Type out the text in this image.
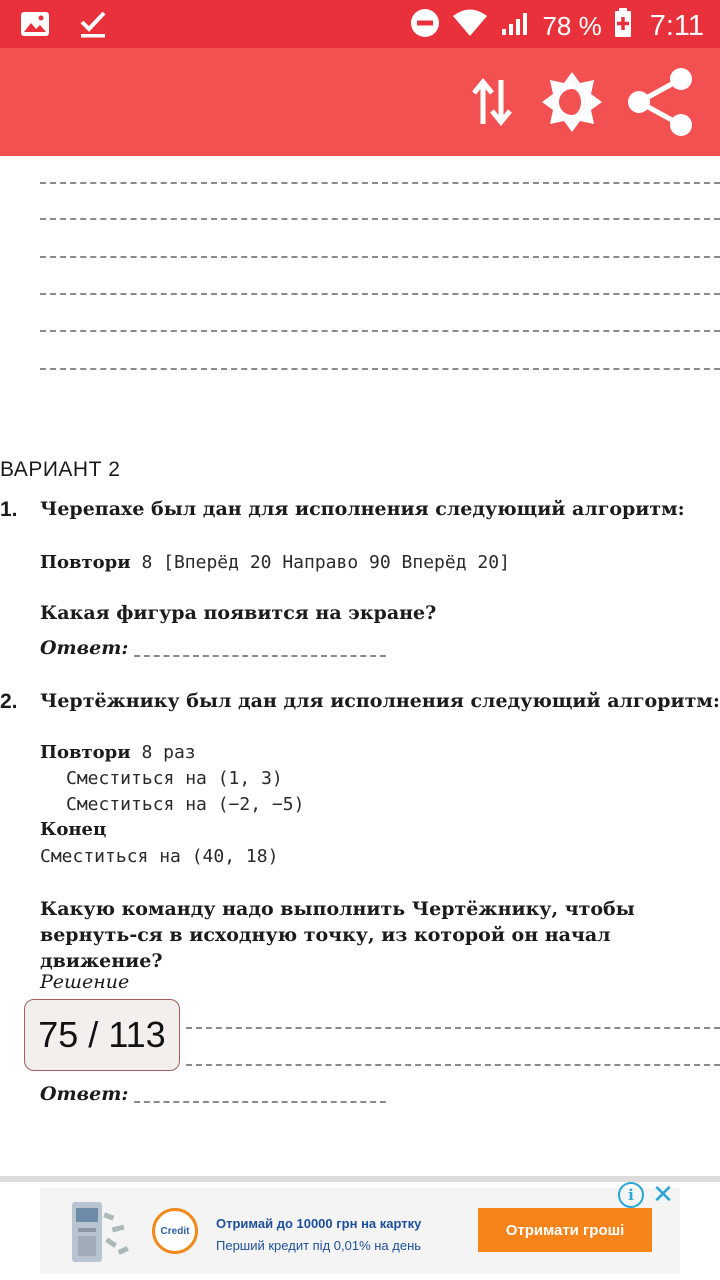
78 % 7:11
ВАРИАНТ 2
1. Черепахе был дан для исполнения следующий алгоритм:
Повтори 8 [Вперёд 20 Направо 90 Вперёд 20]
Какая фигура появится на экране?
Ответ:
2. Чертёжнику был дан для исполнения следующий алгоритм:
Повтори 8 раз
Сместиться на (1, 3)
Сместиться на (−2, −5)
Конец
Сместиться на (40, 18)
Какую команду надо выполнить Чертёжнику, чтобы вернуть-ся в исходную точку, из которой он начал движение?
Решение
Ответ:
75 / 113
Credit	Отримай до 10000 грн на картку
Перший кредит під 0,01% на день
Отримати гроші
i ✕
